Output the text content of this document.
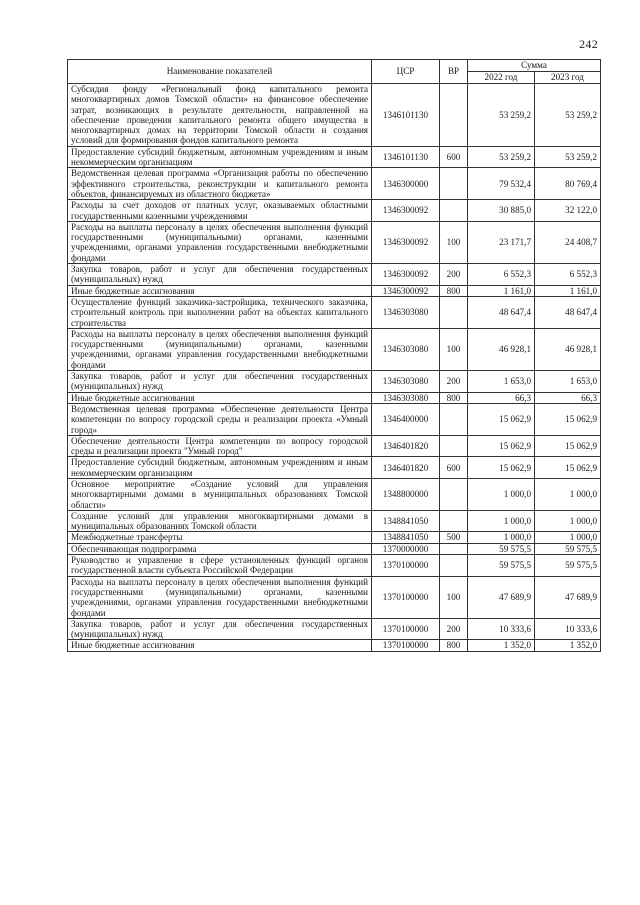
242
Наименование показателей	ЦСР	ВР	Сумма	
			2022 год	2023 год
Субсидия фонду «Региональный фонд капитального ремонта многоквартирных домов Томской области» на финансовое обеспечение затрат, возникающих в результате деятельности, направленной на обеспечение проведения капитального ремонта общего имущества в многоквартирных домах на территории Томской области и создания условий для формирования фондов капитального ремонта	1346101130		53 259,2	53 259,2
Предоставление субсидий бюджетным, автономным учреждениям и иным некоммерческим организациям	1346101130	600	53 259,2	53 259,2
Ведомственная целевая программа «Организация работы по обеспечению эффективного строительства, реконструкции и капитального ремонта объектов, финансируемых из областного бюджета»	1346300000		79 532,4	80 769,4
Расходы за счет доходов от платных услуг, оказываемых областными государственными казенными учреждениями	1346300092		30 885,0	32 122,0
Расходы на выплаты персоналу в целях обеспечения выполнения функций государственными (муниципальными) органами, казенными учреждениями, органами управления государственными внебюджетными фондами	1346300092	100	23 171,7	24 408,7
Закупка товаров, работ и услуг для обеспечения государственных (муниципальных) нужд	1346300092	200	6 552,3	6 552,3
Иные бюджетные ассигнования	1346300092	800	1 161,0	1 161,0
Осуществление функций заказчика-застройщика, технического заказчика, строительный контроль при выполнении работ на объектах капитального строительства	1346303080		48 647,4	48 647,4
Расходы на выплаты персоналу в целях обеспечения выполнения функций государственными (муниципальными) органами, казенными учреждениями, органами управления государственными внебюджетными фондами	1346303080	100	46 928,1	46 928,1
Закупка товаров, работ и услуг для обеспечения государственных (муниципальных) нужд	1346303080	200	1 653,0	1 653,0
Иные бюджетные ассигнования	1346303080	800	66,3	66,3
Ведомственная целевая программа «Обеспечение деятельности Центра компетенции по вопросу городской среды и реализации проекта «Умный город»	1346400000		15 062,9	15 062,9
Обеспечение деятельности Центра компетенции по вопросу городской среды и реализации проекта "Умный город"	1346401820		15 062,9	15 062,9
Предоставление субсидий бюджетным, автономным учреждениям и иным некоммерческим организациям	1346401820	600	15 062,9	15 062,9
Основное мероприятие «Создание условий для управления многоквартирными домами в муниципальных образованиях Томской области»	1348800000		1 000,0	1 000,0
Создание условий для управления многоквартирными домами в муниципальных образованиях Томской области	1348841050		1 000,0	1 000,0
Межбюджетные трансферты	1348841050	500	1 000,0	1 000,0
Обеспечивающая подпрограмма	1370000000		59 575,5	59 575,5
Руководство и управление в сфере установленных функций органов государственной власти субъекта Российской Федерации	1370100000		59 575,5	59 575,5
Расходы на выплаты персоналу в целях обеспечения выполнения функций государственными (муниципальными) органами, казенными учреждениями, органами управления государственными внебюджетными фондами	1370100000	100	47 689,9	47 689,9
Закупка товаров, работ и услуг для обеспечения государственных (муниципальных) нужд	1370100000	200	10 333,6	10 333,6
Иные бюджетные ассигнования	1370100000	800	1 352,0	1 352,0
